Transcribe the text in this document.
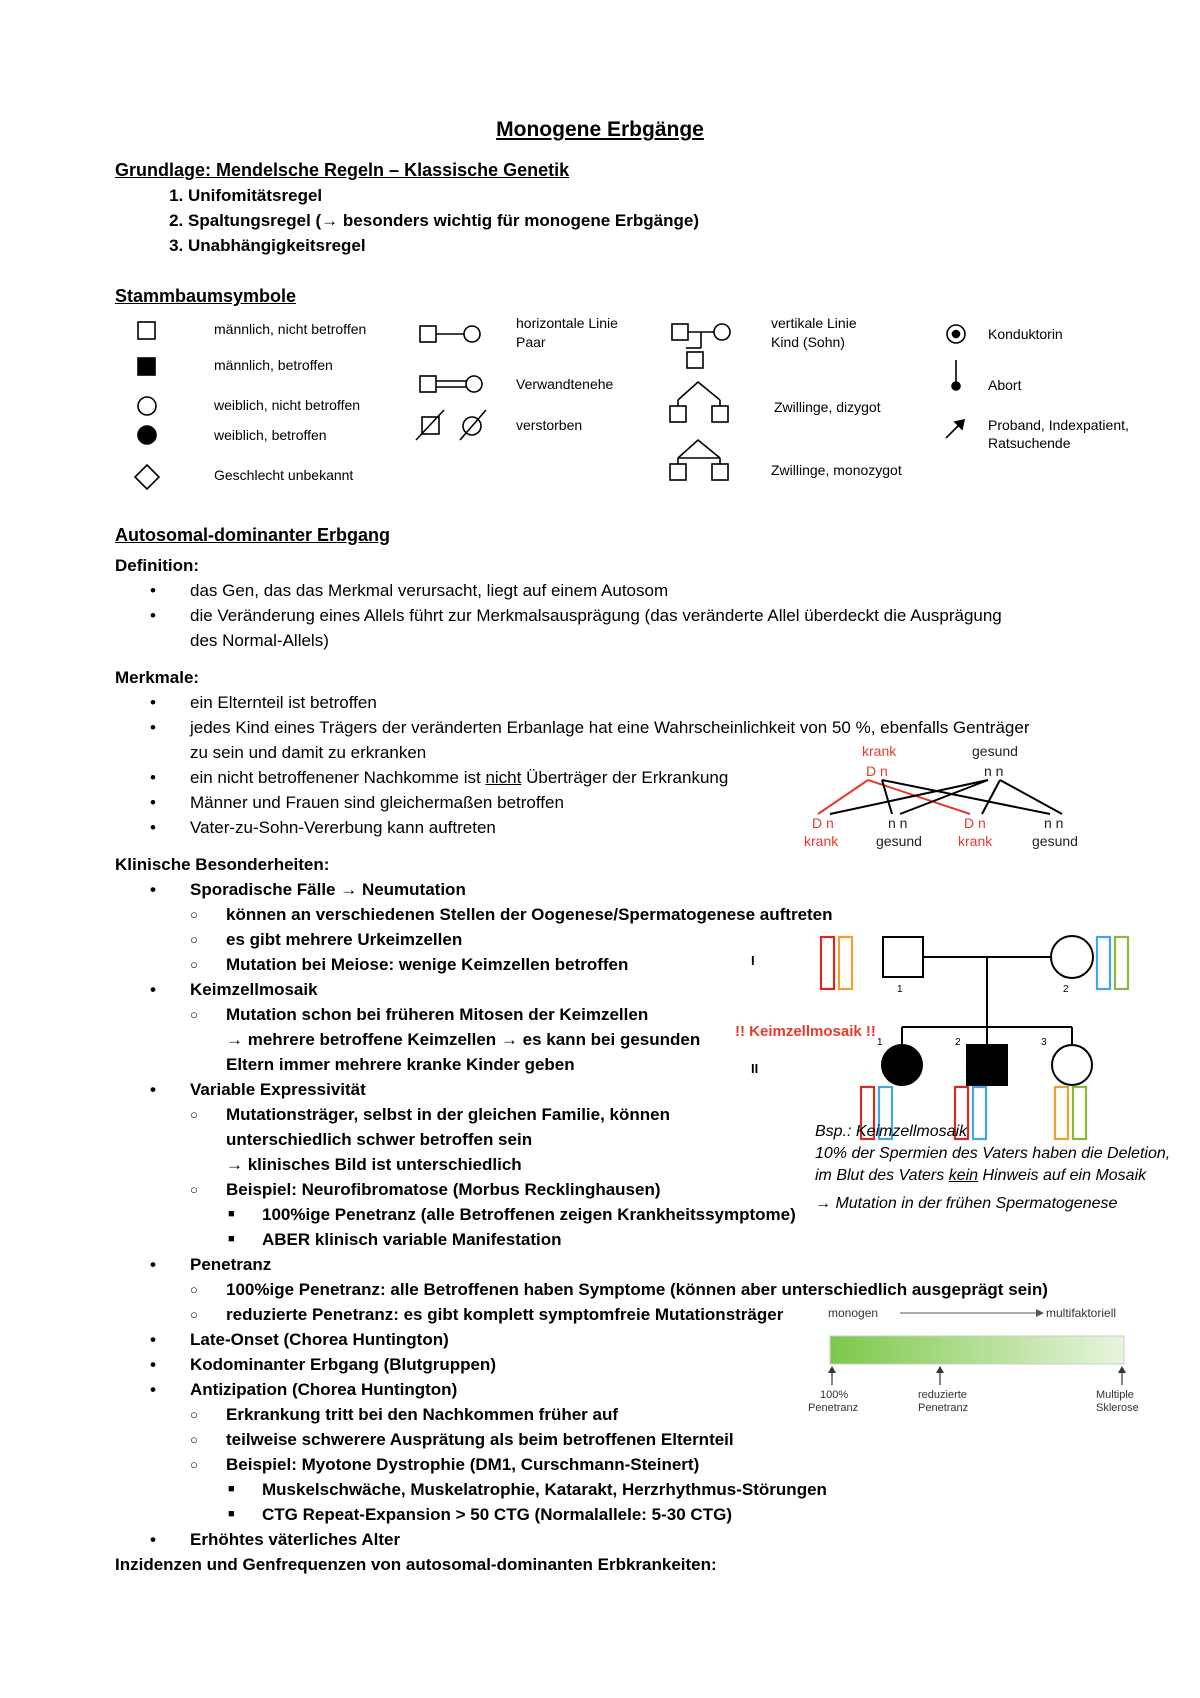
Monogene Erbgänge
Grundlage: Mendelsche Regeln – Klassische Genetik
1. Unifomitätsregel
2. Spaltungsregel (→ besonders wichtig für monogene Erbgänge)
3. Unabhängigkeitsregel
Stammbaumsymbole
männlich, nicht betroffen
männlich, betroffen
weiblich, nicht betroffen
weiblich, betroffen
Geschlecht unbekannt
horizontale Linie
Paar
Verwandtenehe
verstorben
vertikale Linie
Kind (Sohn)
Zwillinge, dizygot
Zwillinge, monozygot
Konduktorin
Abort
Proband, Indexpatient,
Ratsuchende
Autosomal-dominanter Erbgang
Definition:
• das Gen, das das Merkmal verursacht, liegt auf einem Autosom
• die Veränderung eines Allels führt zur Merkmalsausprägung (das veränderte Allel überdeckt die Ausprägung
des Normal-Allels)
Merkmale:
• ein Elternteil ist betroffen
• jedes Kind eines Trägers der veränderten Erbanlage hat eine Wahrscheinlichkeit von 50 %, ebenfalls Genträger
zu sein und damit zu erkranken
• ein nicht betroffenener Nachkomme ist nicht Überträger der Erkrankung
• Männer und Frauen sind gleichermaßen betroffen
• Vater-zu-Sohn-Vererbung kann auftreten
krank	gesund
D n	n n
D n	n n	D n	n n
krank	gesund	krank	gesund
Klinische Besonderheiten:
• Sporadische Fälle → Neumutation
○ können an verschiedenen Stellen der Oogenese/Spermatogenese auftreten
○ es gibt mehrere Urkeimzellen
○ Mutation bei Meiose: wenige Keimzellen betroffen
• Keimzellmosaik
○ Mutation schon bei früheren Mitosen der Keimzellen
→ mehrere betroffene Keimzellen → es kann bei gesunden
Eltern immer mehrere kranke Kinder geben
• Variable Expressivität
○ Mutationsträger, selbst in der gleichen Familie, können
unterschiedlich schwer betroffen sein
→ klinisches Bild ist unterschiedlich
○ Beispiel: Neurofibromatose (Morbus Recklinghausen)
■ 100%ige Penetranz (alle Betroffenen zeigen Krankheitssymptome)
■ ABER klinisch variable Manifestation
• Penetranz
○ 100%ige Penetranz: alle Betroffenen haben Symptome (können aber unterschiedlich ausgeprägt sein)
○ reduzierte Penetranz: es gibt komplett symptomfreie Mutationsträger
• Late-Onset (Chorea Huntington)
• Kodominanter Erbgang (Blutgruppen)
• Antizipation (Chorea Huntington)
○ Erkrankung tritt bei den Nachkommen früher auf
○ teilweise schwerere Ausprätung als beim betroffenen Elternteil
○ Beispiel: Myotone Dystrophie (DM1, Curschmann-Steinert)
■ Muskelschwäche, Muskelatrophie, Katarakt, Herzrhythmus-Störungen
■ CTG Repeat-Expansion > 50 CTG (Normalallele: 5-30 CTG)
• Erhöhtes väterliches Alter
Inzidenzen und Genfrequenzen von autosomal-dominanten Erbkrankeiten:
I
II
!! Keimzellmosaik !!
1	2
1	2	3
Bsp.: Keimzellmosaik
10% der Spermien des Vaters haben die Deletion,
im Blut des Vaters kein Hinweis auf ein Mosaik
→ Mutation in der frühen Spermatogenese
monogen	multifaktoriell
100%
Penetranz
reduzierte
Penetranz
Multiple
Sklerose
